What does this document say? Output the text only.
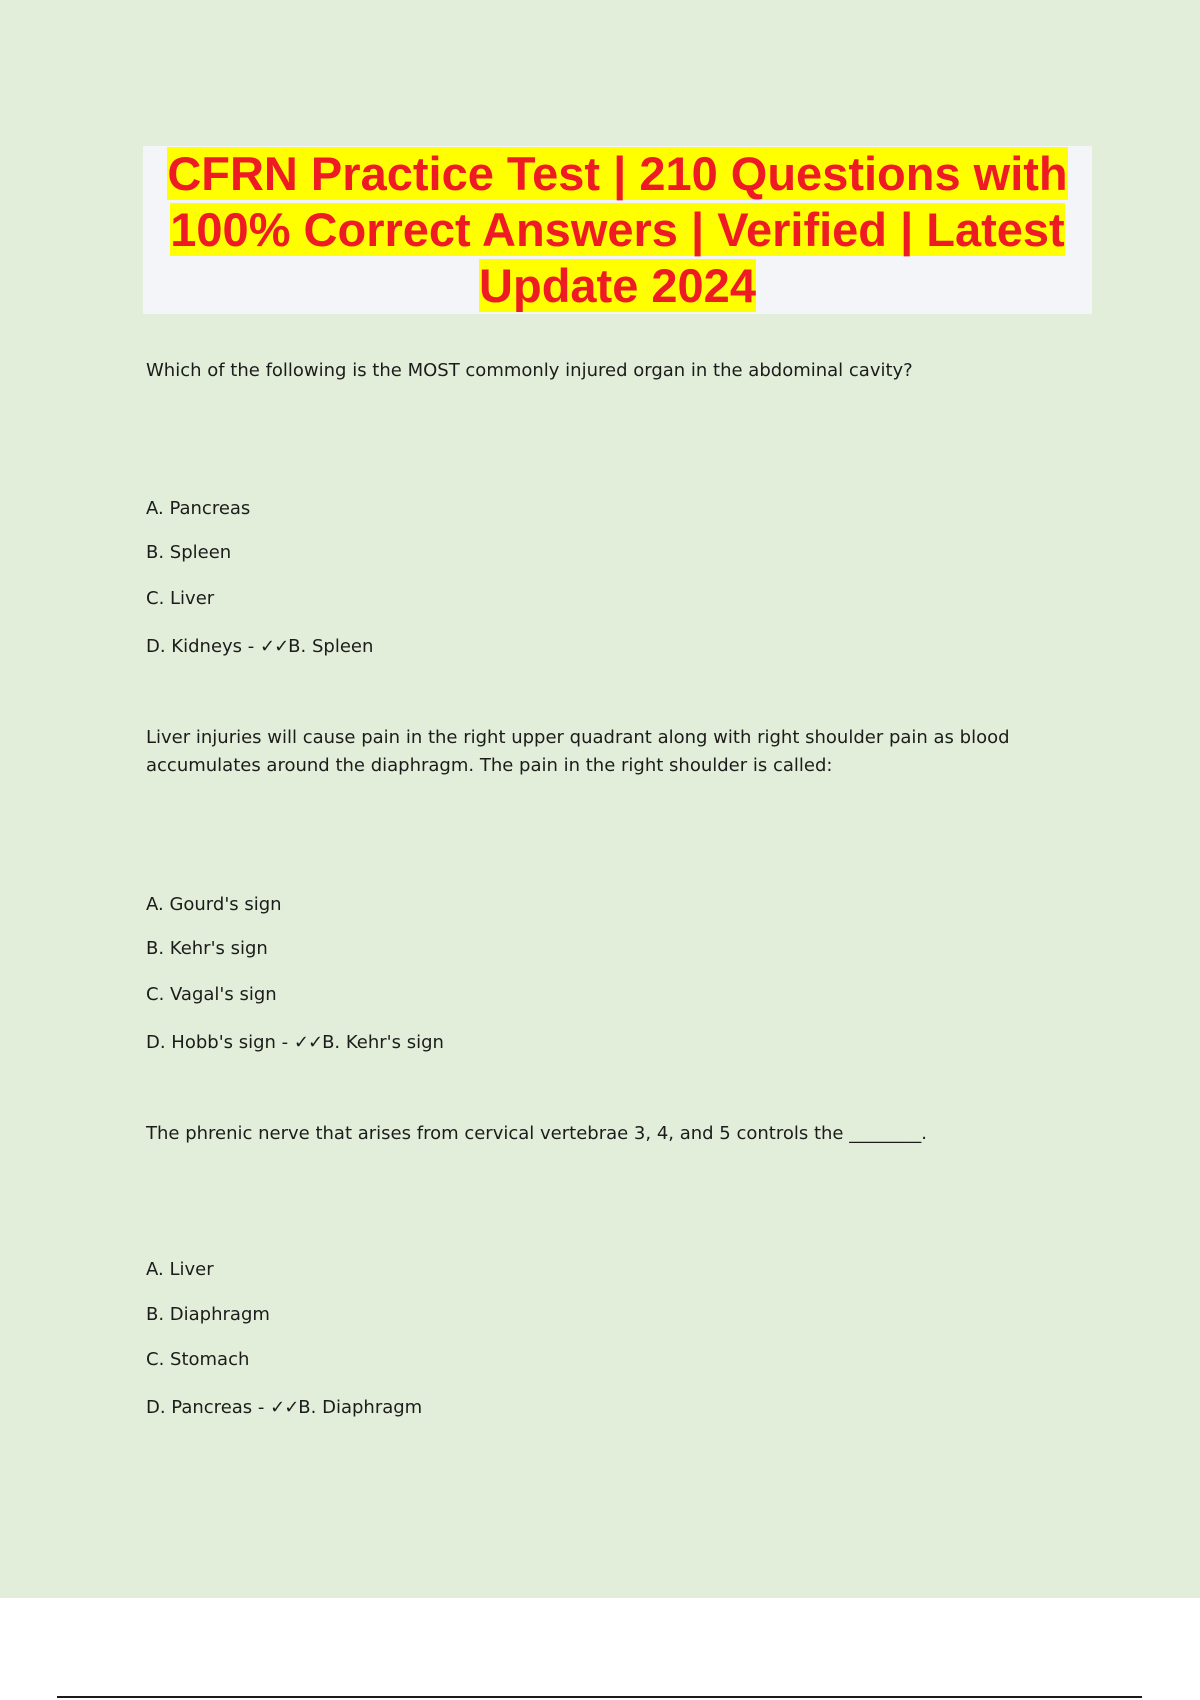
CFRN Practice Test | 210 Questions with
100% Correct Answers | Verified | Latest
Update 2024

Which of the following is the MOST commonly injured organ in the abdominal cavity?

A. Pancreas

B. Spleen

C. Liver

D. Kidneys - ✓✓B. Spleen

Liver injuries will cause pain in the right upper quadrant along with right shoulder pain as blood accumulates around the diaphragm. The pain in the right shoulder is called:

A. Gourd's sign

B. Kehr's sign

C. Vagal's sign

D. Hobb's sign - ✓✓B. Kehr's sign

The phrenic nerve that arises from cervical vertebrae 3, 4, and 5 controls the ________.

A. Liver

B. Diaphragm

C. Stomach

D. Pancreas - ✓✓B. Diaphragm
